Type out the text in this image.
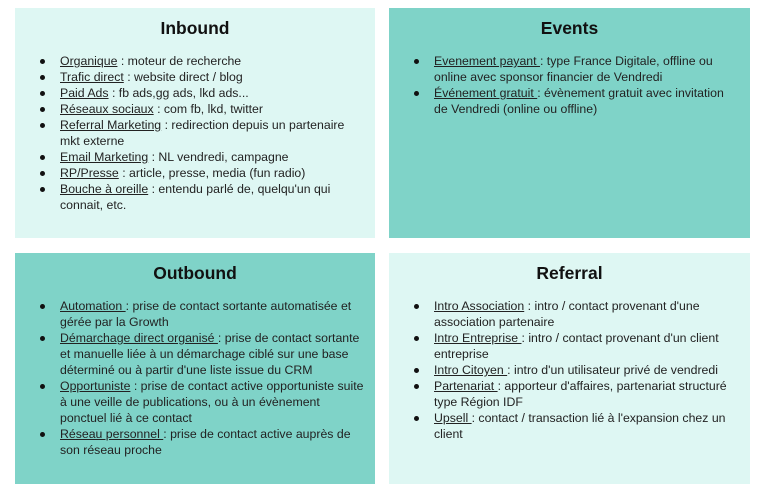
Inbound
Organique : moteur de recherche
Trafic direct : website direct / blog
Paid Ads : fb ads,gg ads, lkd ads...
Réseaux sociaux : com fb, lkd, twitter
Referral Marketing : redirection depuis un partenaire mkt externe
Email Marketing : NL vendredi, campagne
RP/Presse : article, presse, media (fun radio)
Bouche à oreille : entendu parlé de, quelqu'un qui connait, etc.
Events
Evenement payant : type France Digitale, offline ou online avec sponsor financier de Vendredi
Événement gratuit : évènement gratuit avec invitation de Vendredi (online ou offline)
Outbound
Automation : prise de contact sortante automatisée et gérée par la Growth
Démarchage direct organisé : prise de contact sortante et manuelle liée à un démarchage ciblé sur une base déterminé ou à partir d'une liste issue du CRM
Opportuniste : prise de contact active opportuniste suite à une veille de publications, ou à un évènement ponctuel lié à ce contact
Réseau personnel : prise de contact active auprès de son réseau proche
Referral
Intro Association : intro / contact provenant d'une association partenaire
Intro Entreprise : intro / contact provenant d'un client entreprise
Intro Citoyen : intro d'un utilisateur privé de vendredi
Partenariat : apporteur d'affaires, partenariat structuré type Région IDF
Upsell : contact / transaction lié à l'expansion chez un client
